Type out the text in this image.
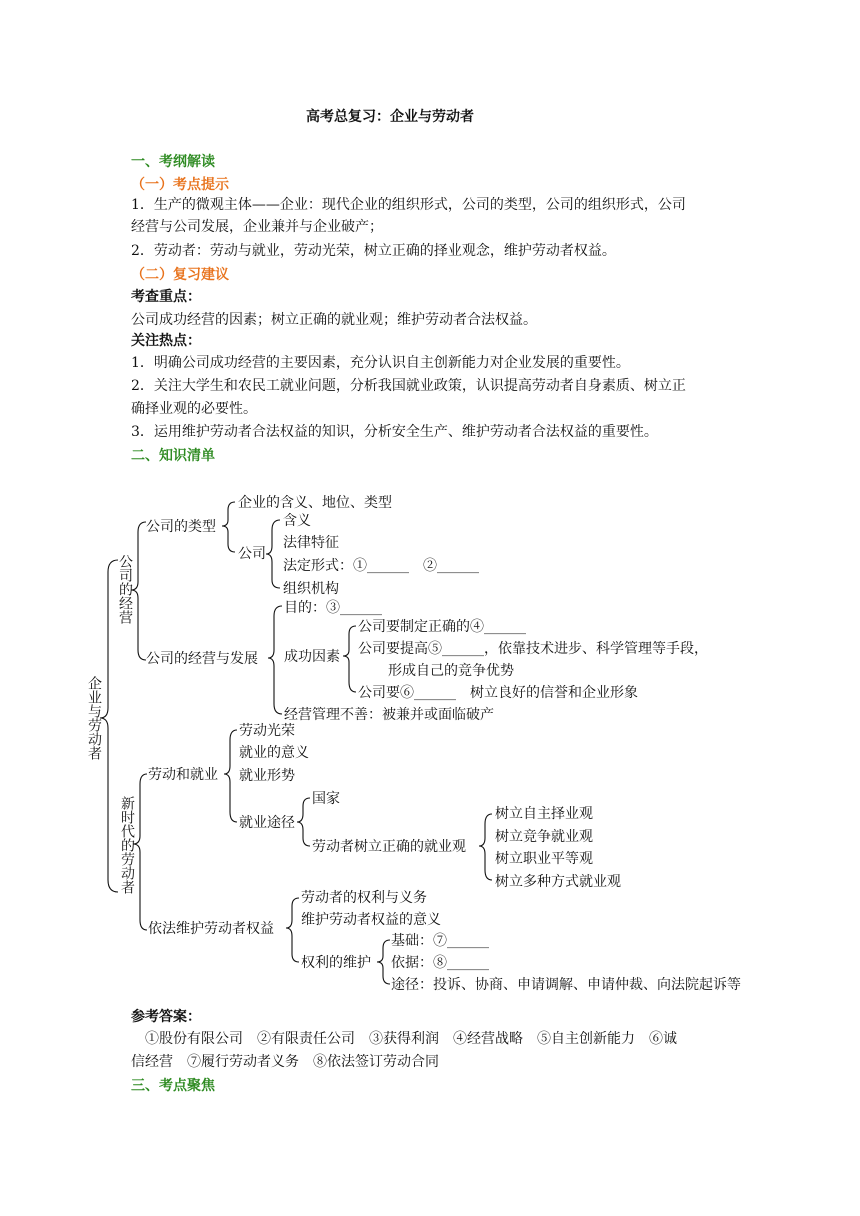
高考总复习：企业与劳动者
一、考纲解读
（一）考点提示
1．生产的微观主体——企业：现代企业的组织形式，公司的类型，公司的组织形式，公司
经营与公司发展，企业兼并与企业破产；
2．劳动者：劳动与就业，劳动光荣，树立正确的择业观念，维护劳动者权益。
（二）复习建议
考查重点：
公司成功经营的因素；树立正确的就业观；维护劳动者合法权益。
关注热点：
1．明确公司成功经营的主要因素，充分认识自主创新能力对企业发展的重要性。
2．关注大学生和农民工就业问题，分析我国就业政策，认识提高劳动者自身素质、树立正
确择业观的必要性。
3．运用维护劳动者合法权益的知识，分析安全生产、维护劳动者合法权益的重要性。
二、知识清单
企业与劳动者
公司的经营
新时代的劳动者
公司的类型
企业的含义、地位、类型
公司
含义
法律特征
法定形式：①______　②______
组织机构
公司的经营与发展
目的：③______
成功因素
公司要制定正确的④______
公司要提高⑤______，依靠技术进步、科学管理等手段，
形成自己的竞争优势
公司要⑥______　树立良好的信誉和企业形象
经营管理不善：被兼并或面临破产
劳动和就业
劳动光荣
就业的意义
就业形势
就业途径
国家
劳动者树立正确的就业观
树立自主择业观
树立竞争就业观
树立职业平等观
树立多种方式就业观
依法维护劳动者权益
劳动者的权利与义务
维护劳动者权益的意义
权利的维护
基础：⑦______
依据：⑧______
途径：投诉、协商、申请调解、申请仲裁、向法院起诉等
参考答案：
①股份有限公司　②有限责任公司　③获得利润　④经营战略　⑤自主创新能力　⑥诚
信经营　⑦履行劳动者义务　⑧依法签订劳动合同
三、考点聚焦
